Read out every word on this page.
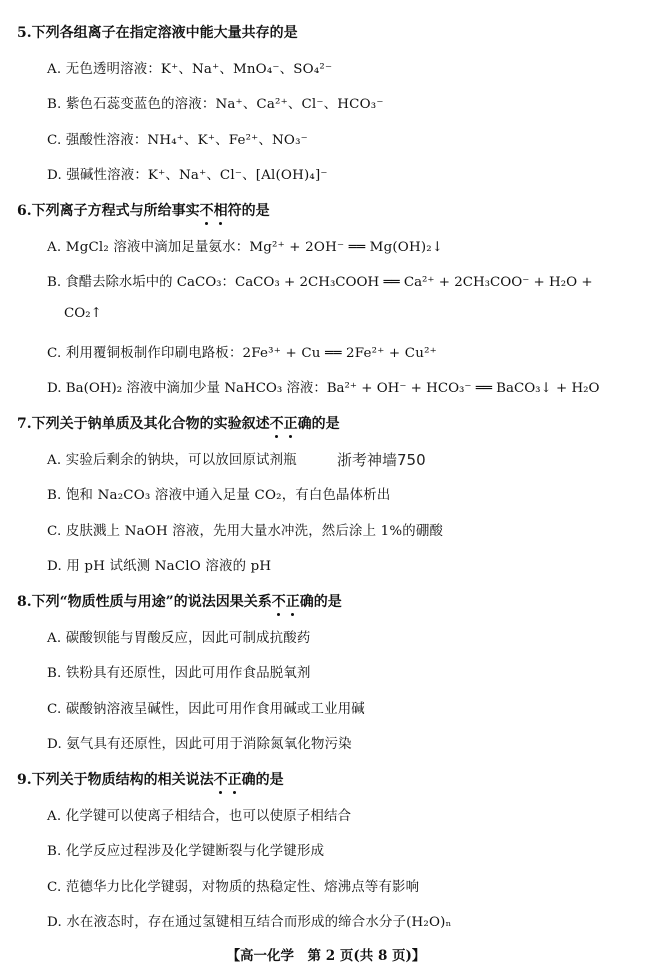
5.下列各组离子在指定溶液中能大量共存的是
A. 无色透明溶液：K⁺、Na⁺、MnO₄⁻、SO₄²⁻
B. 紫色石蕊变蓝色的溶液：Na⁺、Ca²⁺、Cl⁻、HCO₃⁻
C. 强酸性溶液：NH₄⁺、K⁺、Fe²⁺、NO₃⁻
D. 强碱性溶液：K⁺、Na⁺、Cl⁻、[Al(OH)₄]⁻
6.下列离子方程式与所给事实不相符的是
A. MgCl₂ 溶液中滴加足量氨水：Mg²⁺ + 2OH⁻ ══ Mg(OH)₂↓
B. 食醋去除水垢中的 CaCO₃：CaCO₃ + 2CH₃COOH ══ Ca²⁺ + 2CH₃COO⁻ + H₂O +
CO₂↑
C. 利用覆铜板制作印刷电路板：2Fe³⁺ + Cu ══ 2Fe²⁺ + Cu²⁺
D. Ba(OH)₂ 溶液中滴加少量 NaHCO₃ 溶液：Ba²⁺ + OH⁻ + HCO₃⁻ ══ BaCO₃↓ + H₂O
7.下列关于钠单质及其化合物的实验叙述不正确的是
A. 实验后剩余的钠块，可以放回原试剂瓶	浙考神墙750
B. 饱和 Na₂CO₃ 溶液中通入足量 CO₂，有白色晶体析出
C. 皮肤溅上 NaOH 溶液，先用大量水冲洗，然后涂上 1%的硼酸
D. 用 pH 试纸测 NaClO 溶液的 pH
8.下列“物质性质与用途”的说法因果关系不正确的是
A. 碳酸钡能与胃酸反应，因此可制成抗酸药
B. 铁粉具有还原性，因此可用作食品脱氧剂
C. 碳酸钠溶液呈碱性，因此可用作食用碱或工业用碱
D. 氨气具有还原性，因此可用于消除氮氧化物污染
9.下列关于物质结构的相关说法不正确的是
A. 化学键可以使离子相结合，也可以使原子相结合
B. 化学反应过程涉及化学键断裂与化学键形成
C. 范德华力比化学键弱，对物质的热稳定性、熔沸点等有影响
D. 水在液态时，存在通过氢键相互结合而形成的缔合水分子(H₂O)ₙ
【高一化学　第 2 页(共 8 页)】
